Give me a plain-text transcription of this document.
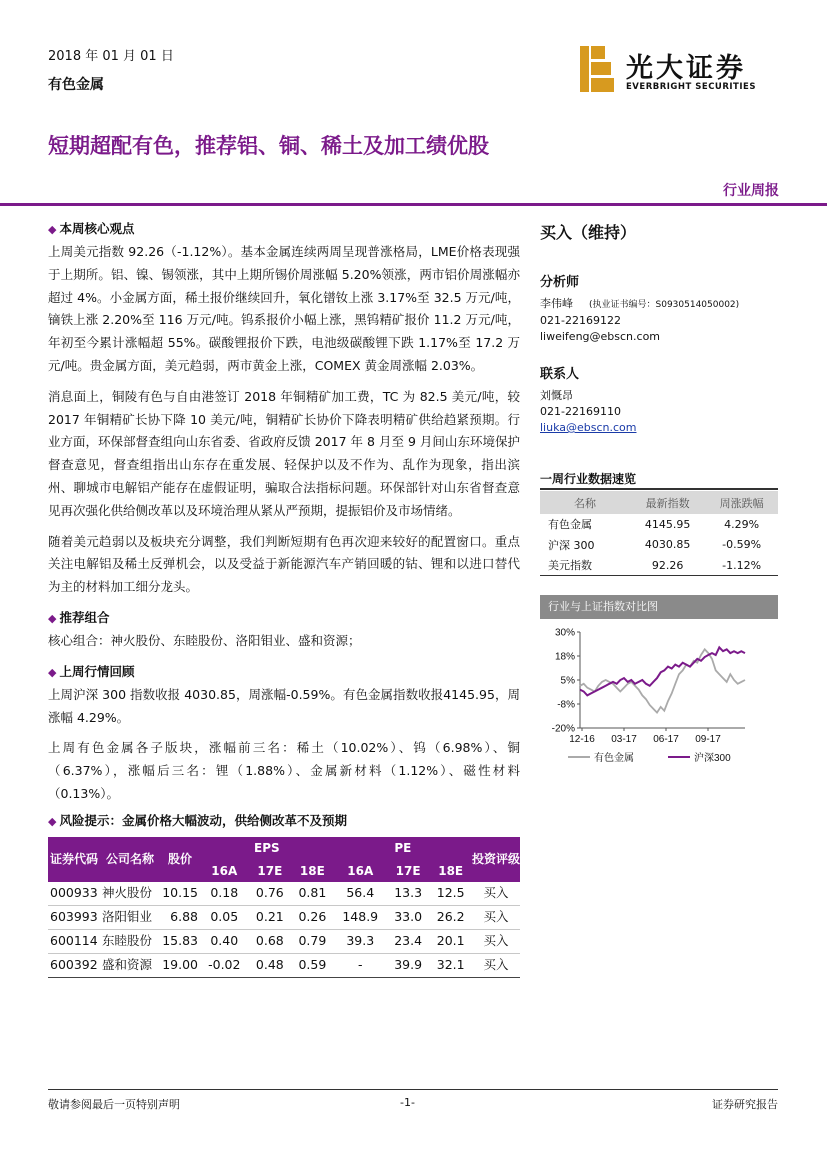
2018 年 01 月 01 日
有色金属
光大证券
EVERBRIGHT SECURITIES
短期超配有色，推荐铝、铜、稀土及加工绩优股
行业周报
◆ 本周核心观点

上周美元指数 92.26（-1.12%）。基本金属连续两周呈现普涨格局，LME价格表现强于上期所。铝、镍、锡领涨，其中上期所锡价周涨幅 5.20%领涨，两市铝价周涨幅亦超过 4%。小金属方面，稀土报价继续回升，氧化镨钕上涨 3.17%至 32.5 万元/吨，镝铁上涨 2.20%至 116 万元/吨。钨系报价小幅上涨，黑钨精矿报价 11.2 万元/吨，年初至今累计涨幅超 55%。碳酸锂报价下跌，电池级碳酸锂下跌 1.17%至 17.2 万元/吨。贵金属方面，美元趋弱，两市黄金上涨，COMEX 黄金周涨幅 2.03%。

消息面上，铜陵有色与自由港签订 2018 年铜精矿加工费，TC 为 82.5 美元/吨，较 2017 年铜精矿长协下降 10 美元/吨，铜精矿长协价下降表明精矿供给趋紧预期。行业方面，环保部督查组向山东省委、省政府反馈 2017 年 8 月至 9 月间山东环境保护督查意见，督查组指出山东存在重发展、轻保护以及不作为、乱作为现象，指出滨州、聊城市电解铝产能存在虚假证明，骗取合法指标问题。环保部针对山东省督查意见再次强化供给侧改革以及环境治理从紧从严预期，提振铝价及市场情绪。

随着美元趋弱以及板块充分调整，我们判断短期有色再次迎来较好的配置窗口。重点关注电解铝及稀土反弹机会，以及受益于新能源汽车产销回暖的钴、锂和以进口替代为主的材料加工细分龙头。

◆ 推荐组合

核心组合：神火股份、东睦股份、洛阳钼业、盛和资源；

◆ 上周行情回顾

上周沪深 300 指数收报 4030.85，周涨幅-0.59%。有色金属指数收报4145.95，周涨幅 4.29%。

上周有色金属各子版块，涨幅前三名：稀土（10.02%）、钨（6.98%）、铜（6.37%），涨幅后三名：锂（1.88%）、金属新材料（1.12%）、磁性材料（0.13%）。

◆ 风险提示：金属价格大幅波动，供给侧改革不及预期
证券代码	公司名称	股价	EPS			PE			投资评级
			16A	17E	18E	16A	17E	18E	
000933	神火股份	10.15	0.18	0.76	0.81	56.4	13.3	12.5	买入
603993	洛阳钼业	6.88	0.05	0.21	0.26	148.9	33.0	26.2	买入
600114	东睦股份	15.83	0.40	0.68	0.79	39.3	23.4	20.1	买入
600392	盛和资源	19.00	-0.02	0.48	0.59	-	39.9	32.1	买入
买入（维持）
分析师
李伟峰 (执业证书编号：S0930514050002)
021-22169122
liweifeng@ebscn.com
联系人
刘慨昂
021-22169110
liuka@ebscn.com
一周行业数据速览
名称	最新指数	周涨跌幅
有色金属	4145.95	4.29%
沪深 300	4030.85	-0.59%
美元指数	92.26	-1.12%
行业与上证指数对比图
30%
18%
5%
-8%
-20%
12-16 03-17 06-17 09-17
有色金属	沪深300
敬请参阅最后一页特别声明	-1-	证券研究报告
